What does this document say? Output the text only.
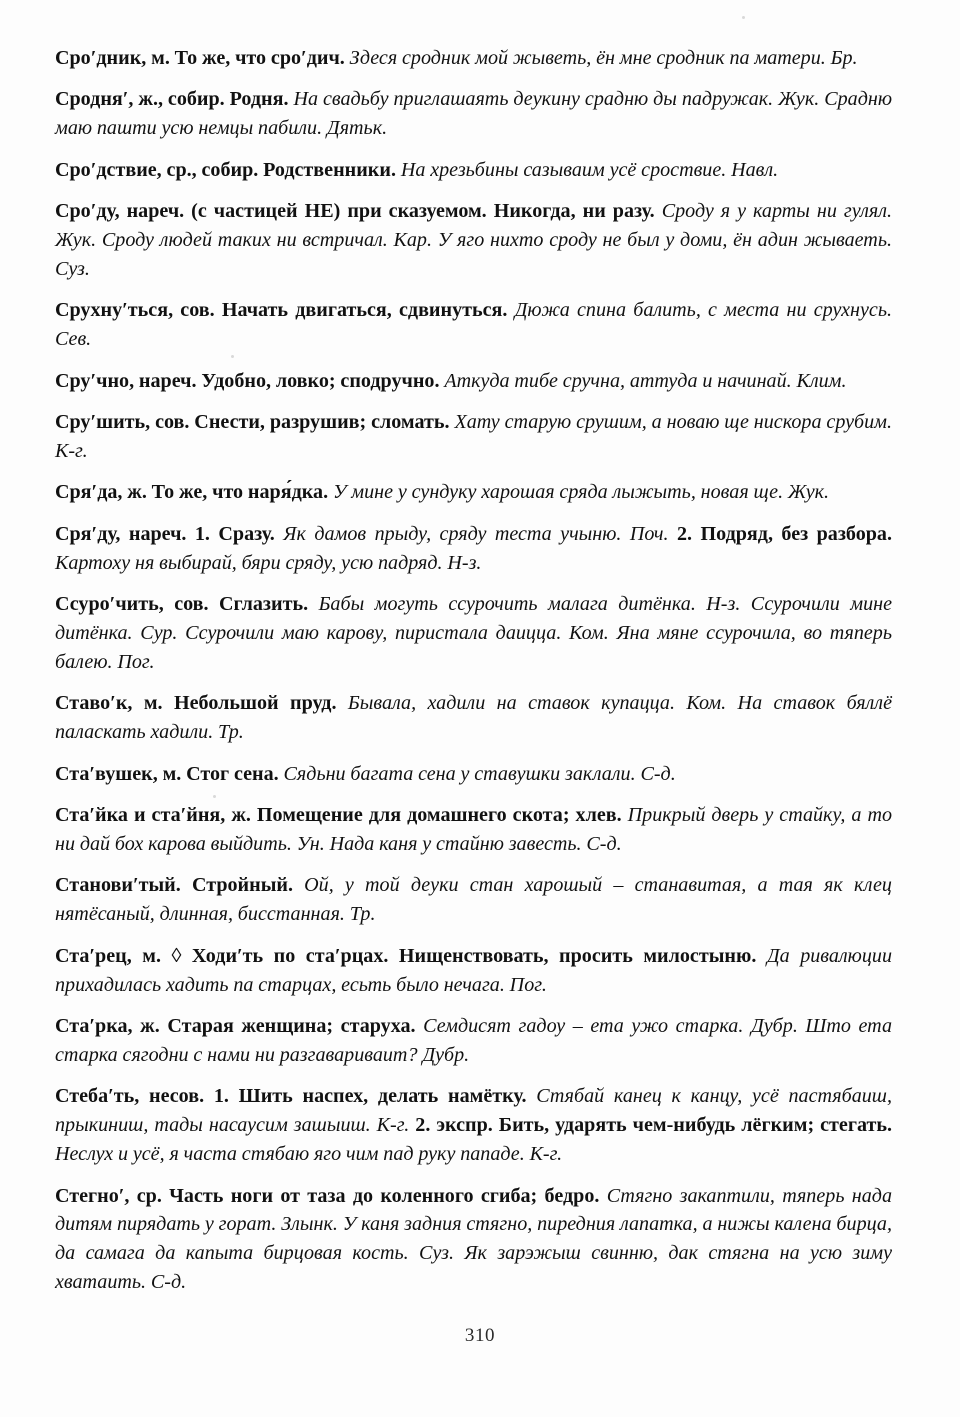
Сро′дник, м. То же, что сро′дич. Здеся сродник мой жыветь, ён мне сродник па матери. Бр.

Сродня′, ж., собир. Родня. На свадьбу приглашаять деукину срадню ды падружак. Жук. Срадню маю пашти усю немцы пабили. Дятьк.

Сро′дствие, ср., собир. Родственники. На хрезьбины сазываим усё сроствие. Навл.

Сро′ду, нареч. (с частицей НЕ) при сказуемом. Никогда, ни разу. Сроду я у карты ни гулял. Жук. Сроду людей таких ни встричал. Кар. У яго нихто сроду не был у доми, ён адин жываеть. Суз.

Срухну′ться, сов. Начать двигаться, сдвинуться. Дюжа спина балить, с места ни срухнусь. Сев.

Сру′чно, нареч. Удобно, ловко; сподручно. Аткуда тибе сручна, аттуда и начинай. Клим.

Сру′шить, сов. Снести, разрушив; сломать. Хату старую срушим, а новаю ще нискора срубим. К-г.

Сря′да, ж. То же, что наря́дка. У мине у сундуку харошая сряда лыжыть, новая ще. Жук.

Сря′ду, нареч. 1. Сразу. Як дамов прыду, сряду теста учыню. Поч. 2. Подряд, без разбора. Картоху ня выбирай, бяри сряду, усю падряд. Н-з.

Ссуро′чить, сов. Сглазить. Бабы могуть ссурочить малага дитёнка. Н-з. Ссурочили мине дитёнка. Сур. Ссурочили маю карову, пиристала даицца. Ком. Яна мяне ссурочила, во тяперь балею. Пог.

Ставо′к, м. Небольшой пруд. Бывала, хадили на ставок купацца. Ком. На ставок бяллё паласкать хадили. Тр.

Ста′вушек, м. Стог сена. Сядьни багата сена у ставушки заклали. С-д.

Ста′йка и ста′йня, ж. Помещение для домашнего скота; хлев. Прикрый дверь у стайку, а то ни дай бох карова выйдить. Ун. Нада каня у стайню завесть. С-д.

Станови′тый. Стройный. Ой, у той деуки стан харошый – станавитая, а тая як клец нятёсаный, длинная, бисстанная. Тр.

Ста′рец, м. ◊ Ходи′ть по ста′рцах. Нищенствовать, просить милостыню. Да ривалюции прихадилась хадить па старцах, есьть было нечага. Пог.

Ста′рка, ж. Старая женщина; старуха. Семдисят гадоу – ета ужо старка. Дубр. Што ета старка сягодни с нами ни разгавариваит? Дубр.

Стеба′ть, несов. 1. Шить наспех, делать намётку. Стябай канец к канцу, усё пастябаиш, прыкиниш, тады насаусим зашыиш. К-г. 2. экспр. Бить, ударять чем-нибудь лёгким; стегать. Неслух и усё, я часта стябаю яго чим пад руку пападе. К-г.

Стегно′, ср. Часть ноги от таза до коленного сгиба; бедро. Стягно закаптили, тяперь нада дитям пирядать у горат. Злынк. У каня задния стягно, пиредния лапатка, а нижы калена бирца, да самага да капыта бирцовая кость. Суз. Як зарэжыш свинню, дак стягна на усю зиму хватаить. С-д.

310
